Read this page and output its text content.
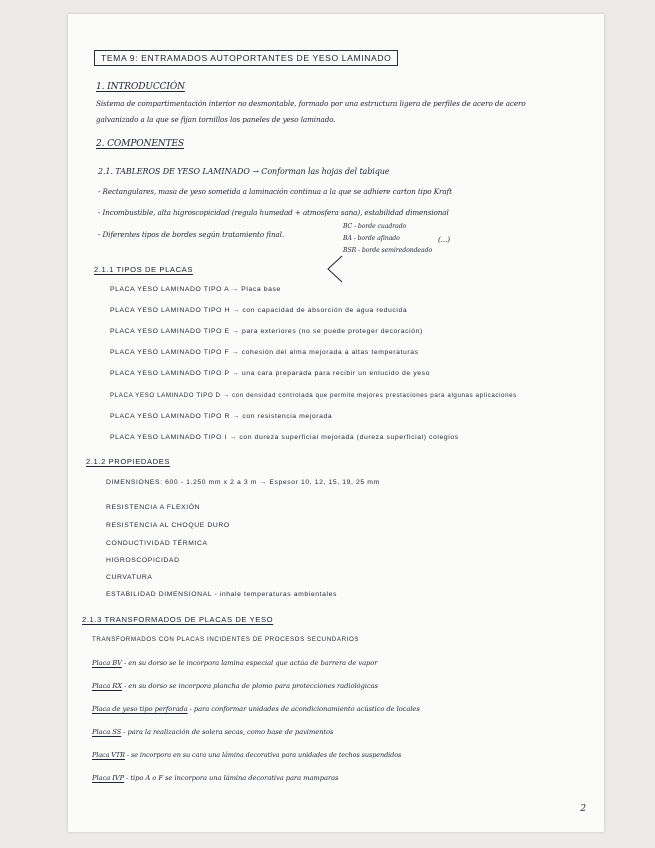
TEMA 9: ENTRAMADOS AUTOPORTANTES DE YESO LAMINADO
1. INTRODUCCIÓN
Sistema de compartimentación interior no desmontable, formado por una estructura ligera de perfiles de acero de acero
galvanizado a la que se fijan tornillos los paneles de yeso laminado.
2. COMPONENTES
2.1. TABLEROS DE YESO LAMINADO → Conforman las hojas del tabique
- Rectangulares, masa de yeso sometida a laminación continua a la que se adhiere carton tipo Kraft
- Incombustible, alta higroscopicidad (regula humedad + atmosfera sana), estabilidad dimensional
- Diferentes tipos de bordes según tratamiento final.
BC - borde cuadrado
BA - borde afinado
BSR - borde semiredondeado
(...)
2.1.1 TIPOS DE PLACAS
PLACA YESO LAMINADO TIPO A → Placa base
PLACA YESO LAMINADO TIPO H → con capacidad de absorción de agua reducida
PLACA YESO LAMINADO TIPO E → para exteriores (no se puede proteger decoración)
PLACA YESO LAMINADO TIPO F → cohesión del alma mejorada a altas temperaturas
PLACA YESO LAMINADO TIPO P → una cara preparada para recibir un enlucido de yeso
PLACA YESO LAMINADO TIPO D → con densidad controlada que permite mejores prestaciones para algunas aplicaciones
PLACA YESO LAMINADO TIPO R → con resistencia mejorada
PLACA YESO LAMINADO TIPO I → con dureza superficial mejorada (dureza superficial) colegios
2.1.2 PROPIEDADES
DIMENSIONES: 600 - 1.250 mm x 2 a 3 m → Espesor 10, 12, 15, 19, 25 mm
RESISTENCIA A FLEXIÓN
RESISTENCIA AL CHOQUE DURO
CONDUCTIVIDAD TÉRMICA
HIGROSCOPICIDAD
CURVATURA
ESTABILIDAD DIMENSIONAL - inhale temperaturas ambientales
2.1.3 TRANSFORMADOS DE PLACAS DE YESO
TRANSFORMADOS CON PLACAS INCIDENTES DE PROCESOS SECUNDARIOS
Placa BV - en su dorso se le incorpora lamina especial que actúa de barrera de vapor
Placa RX - en su dorso se incorpora plancha de plomo para protecciones radiológicas
Placa de yeso tipo perforada - para conformar unidades de acondicionamiento acústico de locales
Placa SS - para la realización de solera secas, como base de pavimentos
Placa VTR - se incorpora en su cara una lámina decorativa para unidades de techos suspendidos
Placa IVP - tipo A o F se incorpora una lámina decorativa para mamparas
2
